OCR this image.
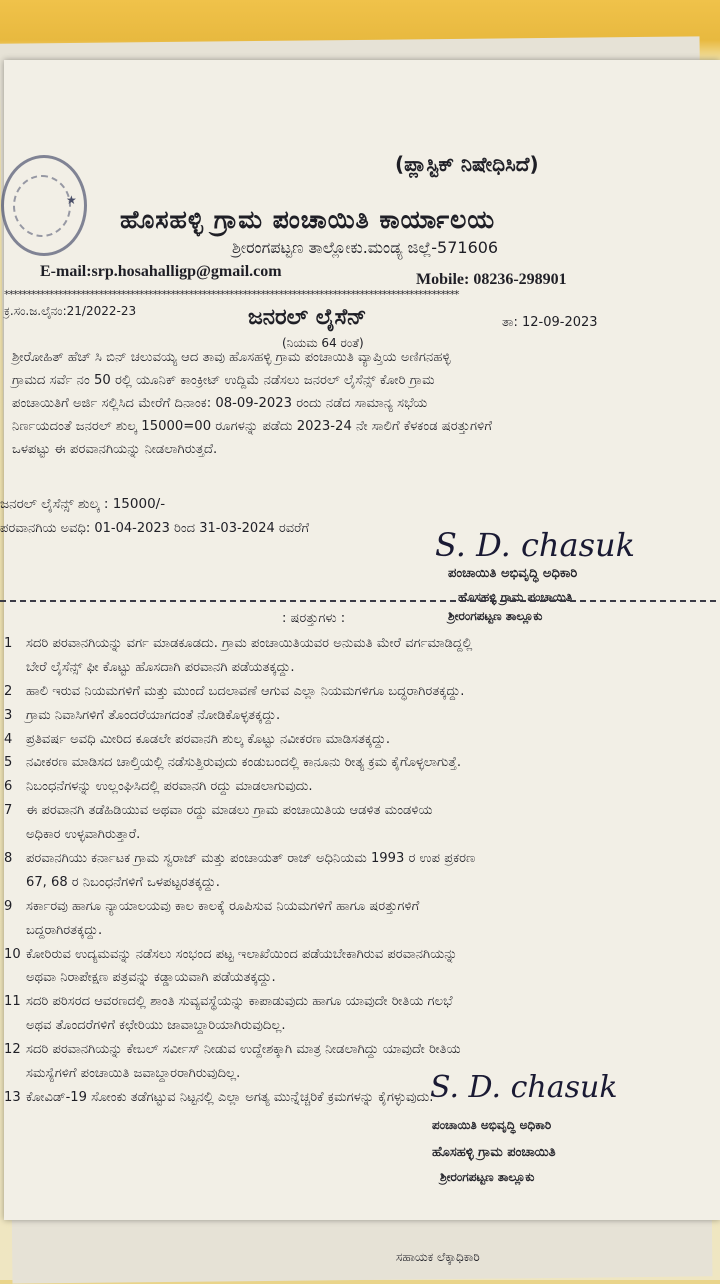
★
(ಪ್ಲಾಸ್ಟಿಕ್ ನಿಷೇಧಿಸಿದೆ)
ಹೊಸಹಳ್ಳಿ ಗ್ರಾಮ ಪಂಚಾಯಿತಿ ಕಾರ್ಯಾಲಯ
ಶ್ರೀರಂಗಪಟ್ಟಣ ತಾಲ್ಲೋಕು.ಮಂಡ್ಯ ಜಿಲ್ಲೆ-571606
E-mail:srp.hosahalligp@gmail.com	Mobile: 08236-298901
*****************************************************************************************************
ಕ್ರ.ಸಂ.ಜ.ಲೈನಂ:21/2022-23	ಜನರಲ್ ಲೈಸೆನ್
(ನಿಯಮ 64 ರಂತೆ)
ತಾ: 12-09-2023
ಶ್ರೀರೋಹಿತ್ ಹೆಚ್ ಸಿ ಬಿನ್ ಚಲುವಯ್ಯ ಆದ ತಾವು ಹೊಸಹಳ್ಳಿ ಗ್ರಾಮ ಪಂಚಾಯಿತಿ ವ್ಯಾಪ್ತಿಯ ಅಣಿಗನಹಳ್ಳಿ
ಗ್ರಾಮದ ಸರ್ವೆ ನಂ 50 ರಲ್ಲಿ ಯೂನಿಕ್ ಕಾಂಕ್ರೀಟ್ ಉದ್ದಿಮೆ ನಡೆಸಲು ಜನರಲ್ ಲೈಸೆನ್ಸ್ ಕೋರಿ ಗ್ರಾಮ
ಪಂಚಾಯಿತಿಗೆ ಅರ್ಜಿ ಸಲ್ಲಿಸಿದ ಮೇರೆಗೆ ದಿನಾಂಕ: 08-09-2023 ರಂದು ನಡೆದ ಸಾಮಾನ್ಯ ಸಭೆಯ
ನಿರ್ಣಯದಂತೆ ಜನರಲ್ ಶುಲ್ಕ 15000=00 ರೂಗಳನ್ನು ಪಡೆದು 2023-24 ನೇ ಸಾಲಿಗೆ ಕೆಳಕಂಡ ಷರತ್ತುಗಳಿಗೆ
ಒಳಪಟ್ಟು ಈ ಪರವಾನಗಿಯನ್ನು ನೀಡಲಾಗಿರುತ್ತದೆ.
ಜನರಲ್ ಲೈಸೆನ್ಸ್ ಶುಲ್ಕ : 15000/-
ಪರವಾನಗಿಯ ಅವಧಿ: 01-04-2023 ರಿಂದ 31-03-2024 ರವರೆಗೆ	S. D. chasuk
ಪಂಚಾಯಿತಿ ಅಭಿವೃದ್ಧಿ ಅಧಿಕಾರಿ
ಹೊಸಹಳ್ಳಿ ಗ್ರಾಮ ಪಂಚಾಯಿತಿ
ಶ್ರೀರಂಗಪಟ್ಟಣ ತಾಲ್ಲೂಕು
: ಷರತ್ತುಗಳು :
1 ಸದರಿ ಪರವಾನಗಿಯನ್ನು ವರ್ಗ ಮಾಡಕೂಡದು. ಗ್ರಾಮ ಪಂಚಾಯಿತಿಯವರ ಅನುಮತಿ ಮೇರೆ ವರ್ಗಮಾಡಿದ್ದಲ್ಲಿ
ಬೇರೆ ಲೈಸೆನ್ಸ್ ಫೀ ಕೊಟ್ಟು ಹೊಸದಾಗಿ ಪರವಾನಗಿ ಪಡೆಯತಕ್ಕದ್ದು.
2 ಹಾಲಿ ಇರುವ ನಿಯಮಗಳಿಗೆ ಮತ್ತು ಮುಂದೆ ಬದಲಾವಣೆ ಆಗುವ ಎಲ್ಲಾ ನಿಯಮಗಳಿಗೂ ಬದ್ಧರಾಗಿರತಕ್ಕದ್ದು.
3 ಗ್ರಾಮ ನಿವಾಸಿಗಳಿಗೆ ತೊಂದರೆಯಾಗದಂತೆ ನೋಡಿಕೊಳ್ಳತಕ್ಕದ್ದು.
4 ಪ್ರತಿವರ್ಷ ಅವಧಿ ಮೀರಿದ ಕೂಡಲೇ ಪರವಾನಗಿ ಶುಲ್ಕ ಕೊಟ್ಟು ನವೀಕರಣ ಮಾಡಿಸತಕ್ಕದ್ದು.
5 ನವೀಕರಣ ಮಾಡಿಸದ ಚಾಲ್ತಿಯಲ್ಲಿ ನಡೆಸುತ್ತಿರುವುದು ಕಂಡುಬಂದಲ್ಲಿ ಕಾನೂನು ರೀತ್ಯ ಕ್ರಮ ಕೈಗೊಳ್ಳಲಾಗುತ್ತೆ.
6 ನಿಬಂಧನೆಗಳನ್ನು ಉಲ್ಲಂಘಿಸಿದಲ್ಲಿ ಪರವಾನಗಿ ರದ್ದು ಮಾಡಲಾಗುವುದು.
7 ಈ ಪರವಾನಗಿ ತಡೆಹಿಡಿಯುವ ಅಥವಾ ರದ್ದು ಮಾಡಲು ಗ್ರಾಮ ಪಂಚಾಯಿತಿಯ ಆಡಳಿತ ಮಂಡಳಿಯ
ಅಧಿಕಾರ ಉಳ್ಳವಾಗಿರುತ್ತಾರೆ.
8 ಪರವಾನಗಿಯು ಕರ್ನಾಟಕ ಗ್ರಾಮ ಸ್ವರಾಜ್ ಮತ್ತು ಪಂಚಾಯತ್ ರಾಜ್ ಅಧಿನಿಯಮ 1993 ರ ಉಪ ಪ್ರಕರಣ
67, 68 ರ ನಿಬಂಧನೆಗಳಿಗೆ ಒಳಪಟ್ಟರತಕ್ಕದ್ದು.
9 ಸರ್ಕಾರವು ಹಾಗೂ ನ್ಯಾಯಾಲಯವು ಕಾಲ ಕಾಲಕ್ಕೆ ರೂಪಿಸುವ ನಿಯಮಗಳಿಗೆ ಹಾಗೂ ಷರತ್ತುಗಳಿಗೆ
ಬದ್ದರಾಗಿರತಕ್ಕದ್ದು.
10 ಕೋರಿರುವ ಉದ್ಯಮವನ್ನು ನಡೆಸಲು ಸಂಭಂದ ಪಟ್ಟ ಇಲಾಖೆಯಿಂದ ಪಡೆಯಬೇಕಾಗಿರುವ ಪರವಾನಗಿಯನ್ನು
ಅಥವಾ ನಿರಾಪೇಕ್ಷಣ ಪತ್ರವನ್ನು ಕಡ್ಡಾಯವಾಗಿ ಪಡೆಯತಕ್ಕದ್ದು.
11 ಸದರಿ ಪರಿಸರದ ಆವರಣದಲ್ಲಿ ಶಾಂತಿ ಸುವ್ಯವಸ್ಥೆಯನ್ನು ಕಾಪಾಡುವುದು ಹಾಗೂ ಯಾವುದೇ ರೀತಿಯ ಗಲಭೆ
ಅಥವ ತೊಂದರೆಗಳಿಗೆ ಕಛೇರಿಯು ಜಾವಾಬ್ದಾರಿಯಾಗಿರುವುದಿಲ್ಲ.
12 ಸದರಿ ಪರವಾನಗಿಯನ್ನು ಕೇಬಲ್ ಸರ್ವೀಸ್ ನೀಡುವ ಉದ್ದೇಶಕ್ಕಾಗಿ ಮಾತ್ರ ನೀಡಲಾಗಿದ್ದು ಯಾವುದೇ ರೀತಿಯ
ಸಮಸ್ಯೆಗಳಿಗೆ ಪಂಚಾಯಿತಿ ಜವಾಬ್ದಾರರಾಗಿರುವುದಿಲ್ಲ.
13 ಕೋವಿಡ್-19 ಸೋಂಕು ತಡೆಗಟ್ಟುವ ನಿಟ್ಟನಲ್ಲಿ ಎಲ್ಲಾ ಅಗತ್ಯ ಮುನ್ನೆಚ್ಚರಿಕೆ ಕ್ರಮಗಳನ್ನು ಕೈಗಳ್ಳುವುದು.
S. D. chasuk
ಪಂಚಾಯಿತಿ ಅಭಿವೃದ್ಧಿ ಅಧಿಕಾರಿ
ಹೊಸಹಳ್ಳಿ ಗ್ರಾಮ ಪಂಚಾಯಿತಿ
ಶ್ರೀರಂಗಪಟ್ಟಣ ತಾಲ್ಲೂಕು
ಸಹಾಯಕ ಲೆಕ್ಕಾಧಿಕಾರಿ
